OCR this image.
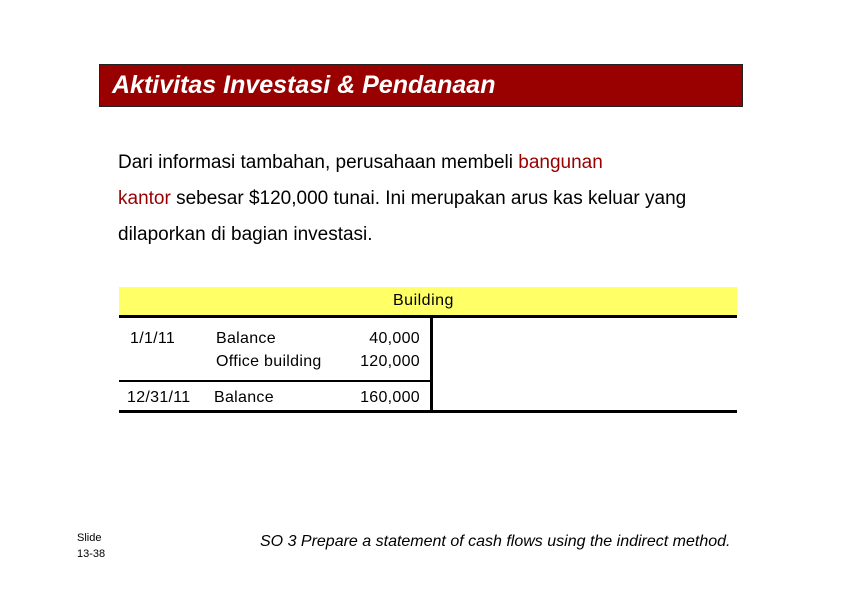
Aktivitas Investasi & Pendanaan
Dari informasi tambahan, perusahaan membeli bangunan
kantor sebesar $120,000 tunai. Ini merupakan arus kas keluar yang dilaporkan di bagian investasi.
Building
1/1/11	Balance	40,000
Office building	120,000
12/31/11 Balance	160,000
Slide
13-38
SO 3 Prepare a statement of cash flows using the indirect method.
